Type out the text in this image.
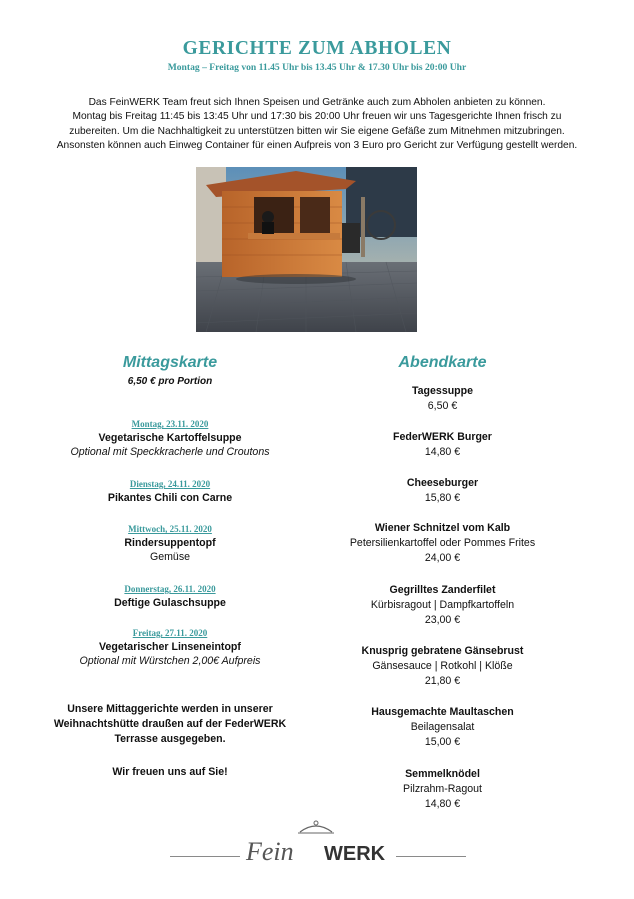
GERICHTE ZUM ABHOLEN
Montag – Freitag von 11.45 Uhr bis 13.45 Uhr & 17.30 Uhr bis 20:00 Uhr
Das FeinWERK Team freut sich Ihnen Speisen und Getränke auch zum Abholen anbieten zu können.
Montag bis Freitag 11:45 bis 13:45 Uhr und 17:30 bis 20:00 Uhr freuen wir uns Tagesgerichte Ihnen frisch zu
zubereiten. Um die Nachhaltigkeit zu unterstützen bitten wir Sie eigene Gefäße zum Mitnehmen mitzubringen.
Ansonsten können auch Einweg Container für einen Aufpreis von 3 Euro pro Gericht zur Verfügung gestellt werden.
Mittagskarte
6,50 € pro Portion
Montag, 23.11. 2020
Vegetarische Kartoffelsuppe
Optional mit Speckkracherle und Croutons
Dienstag, 24.11. 2020
Pikantes Chili con Carne
Mittwoch, 25.11. 2020
Rindersuppentopf
Gemüse
Donnerstag, 26.11. 2020
Deftige Gulaschsuppe
Freitag, 27.11. 2020
Vegetarischer Linseneintopf
Optional mit Würstchen 2,00€ Aufpreis
Unsere Mittaggerichte werden in unserer
Weihnachtshütte draußen auf der FederWERK
Terrasse ausgegeben.
Wir freuen uns auf Sie!
Abendkarte
Tagessuppe
6,50 €
FederWERK Burger
14,80 €
Cheeseburger
15,80 €
Wiener Schnitzel vom Kalb
Petersilienkartoffel oder Pommes Frites
24,00 €
Gegrilltes Zanderfilet
Kürbisragout | Dampfkartoffeln
23,00 €
Knusprig gebratene Gänsebrust
Gänsesauce | Rotkohl | Klöße
21,80 €
Hausgemachte Maultaschen
Beilagensalat
15,00 €
Semmelknödel
Pilzrahm-Ragout
14,80 €
Fein WERK
